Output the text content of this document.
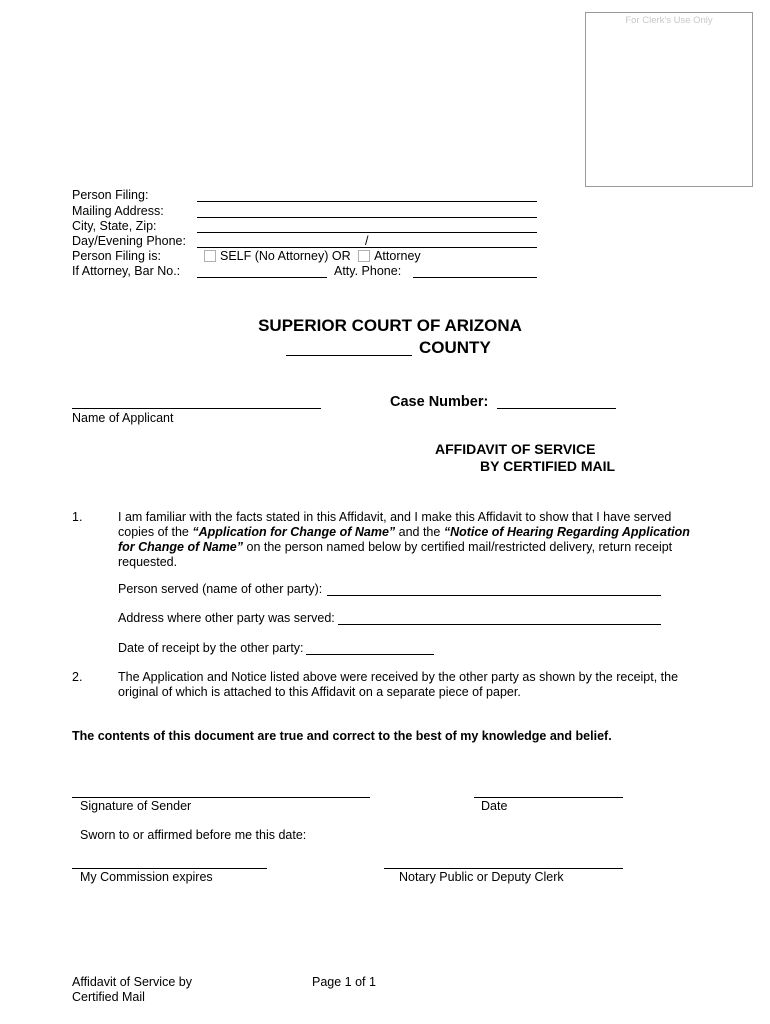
For Clerk's Use Only
Person Filing:
Mailing Address:
City, State, Zip:
Day/Evening Phone:	/
Person Filing is:	SELF (No Attorney) OR Attorney
If Attorney, Bar No.:	Atty. Phone:
SUPERIOR COURT OF ARIZONA
COUNTY
Name of Applicant
Case Number:
AFFIDAVIT OF SERVICE
BY CERTIFIED MAIL
1.	I am familiar with the facts stated in this Affidavit, and I make this Affidavit to show that I have served copies of the “Application for Change of Name” and the “Notice of Hearing Regarding Application for Change of Name” on the person named below by certified mail/restricted delivery, return receipt requested.
Person served (name of other party):
Address where other party was served:
Date of receipt by the other party:
2.	The Application and Notice listed above were received by the other party as shown by the receipt, the original of which is attached to this Affidavit on a separate piece of paper.
The contents of this document are true and correct to the best of my knowledge and belief.
Signature of Sender	Date
Sworn to or affirmed before me this date:
My Commission expires	Notary Public or Deputy Clerk
Affidavit of Service by
Certified Mail
Page 1 of 1
